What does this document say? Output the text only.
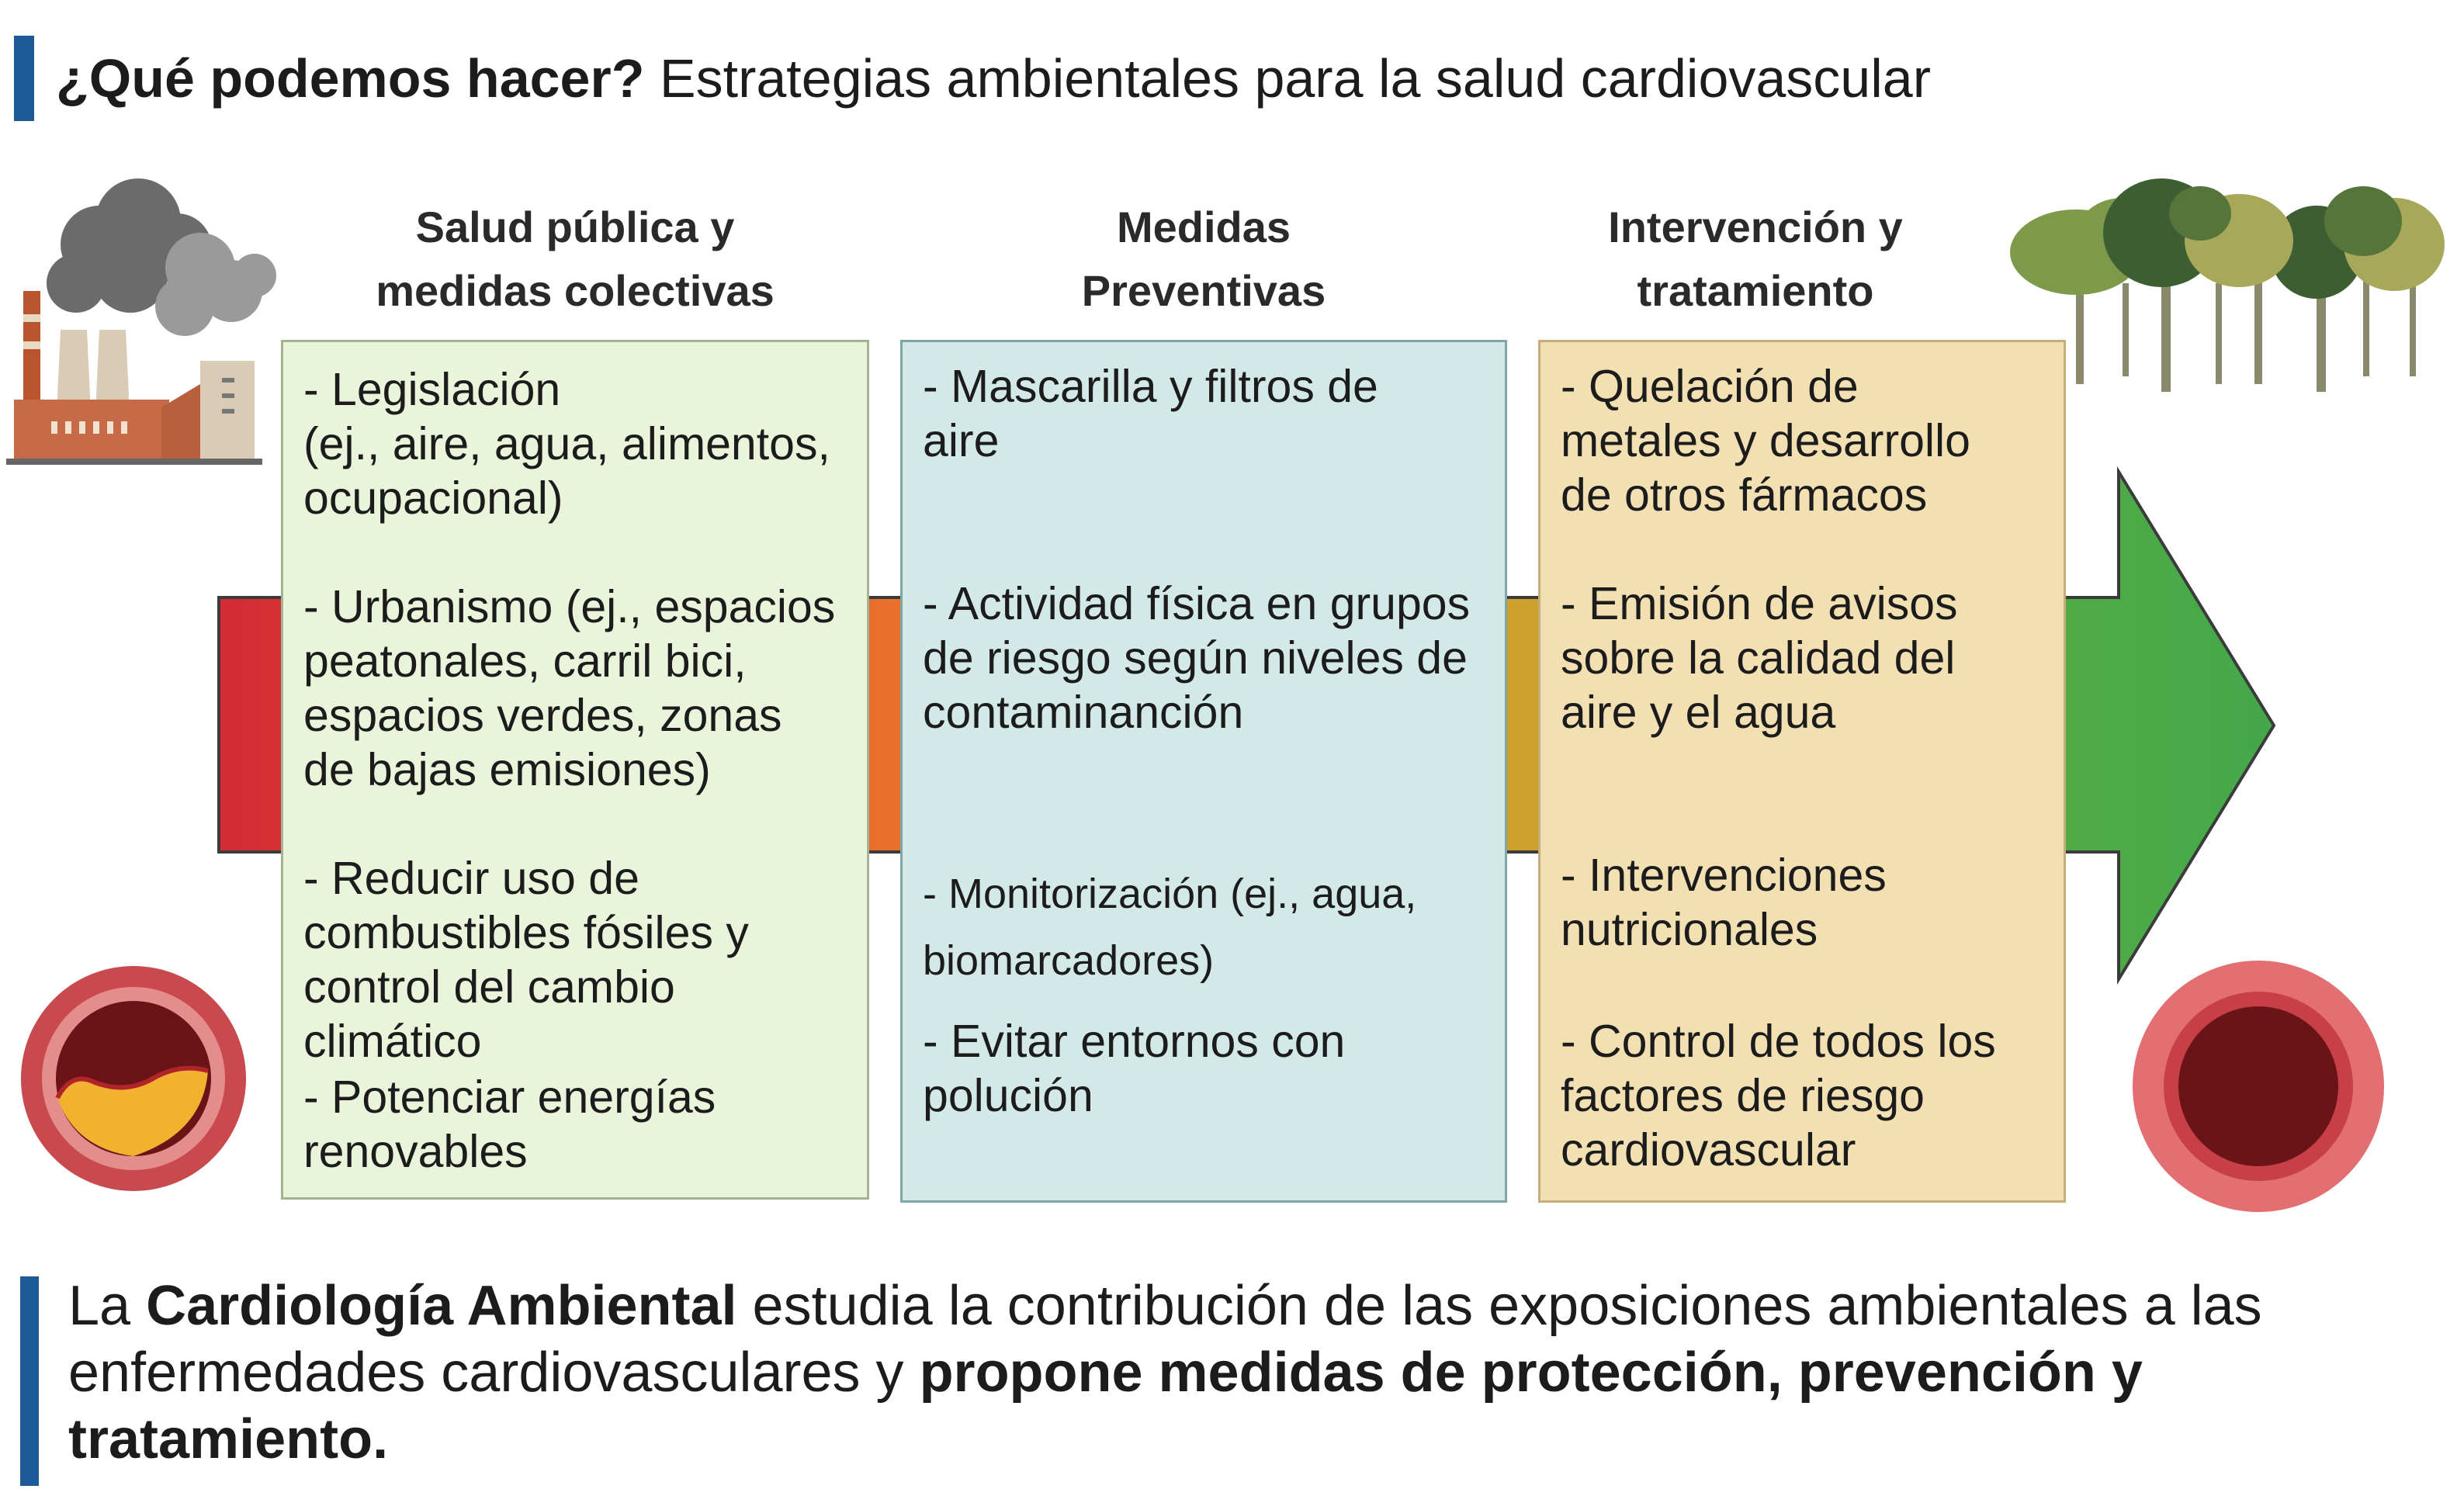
¿Qué podemos hacer? Estrategias ambientales para la salud cardiovascular
Salud pública y
medidas colectivas
Medidas
Preventivas
Intervención y
tratamiento
- Legislación
(ej., aire, agua, alimentos,
ocupacional)
- Urbanismo (ej., espacios
peatonales, carril bici,
espacios verdes, zonas
de bajas emisiones)
- Reducir uso de
combustibles fósiles y
control del cambio climático
- Potenciar energías
renovables
- Mascarilla y filtros de
aire
- Actividad física en grupos
de riesgo según niveles de
contaminanción
- Monitorización (ej., agua,
biomarcadores)
- Evitar entornos con
polución
- Quelación de
metales y desarrollo
de otros fármacos
- Emisión de avisos
sobre la calidad del
aire y el agua
- Intervenciones
nutricionales
- Control de todos los
factores de riesgo
cardiovascular
La Cardiología Ambiental estudia la contribución de las exposiciones ambientales a las enfermedades cardiovasculares y propone medidas de protección, prevención y tratamiento.
